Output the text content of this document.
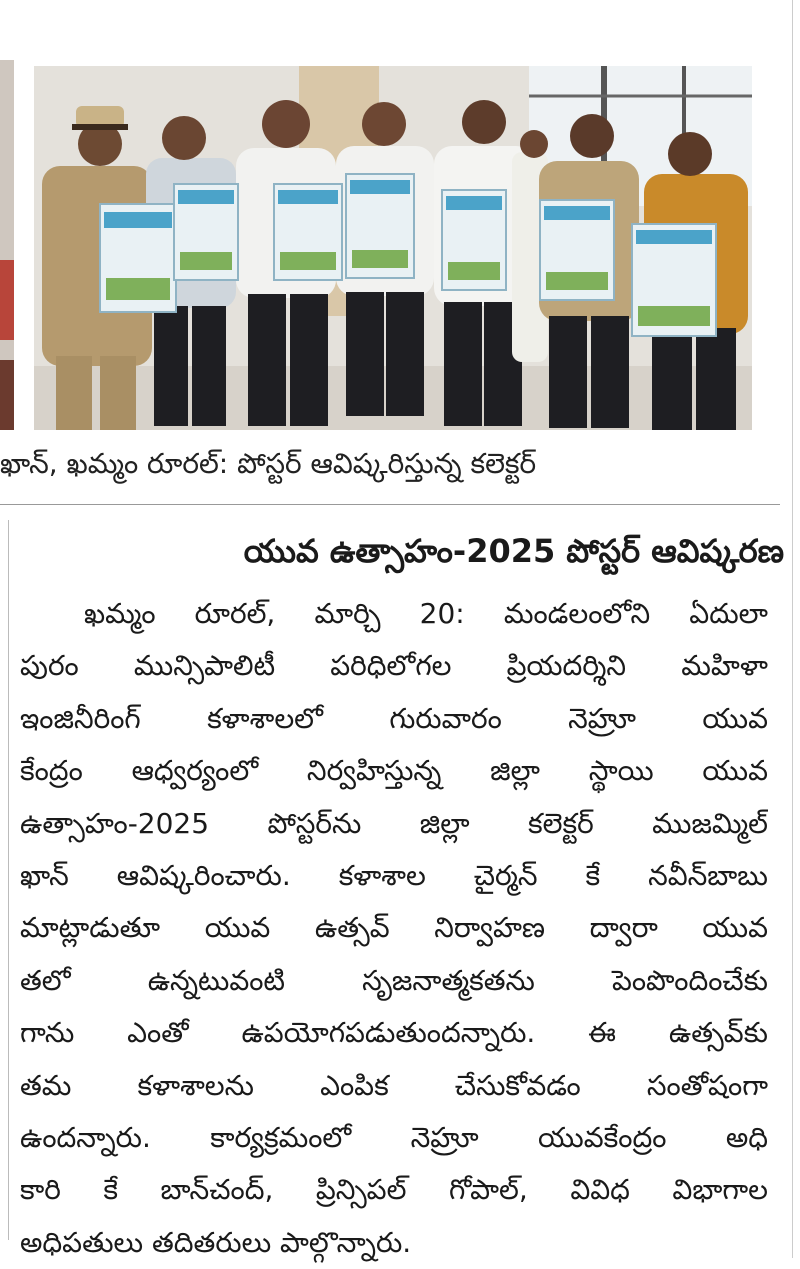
ఖాన్, ఖమ్మం రూరల్: పోస్టర్ ఆవిష్కరిస్తున్న కలెక్టర్
యువ ఉత్సాహం-2025 పోస్టర్ ఆవిష్కరణ
ఖమ్మం రూరల్, మార్చి 20: మండలంలోని ఏదులా
పురం మున్సిపాలిటీ పరిధిలోగల ప్రియదర్శిని మహిళా
ఇంజినీరింగ్ కళాశాలలో గురువారం నెహ్రూ యువ
కేంద్రం ఆధ్వర్యంలో నిర్వహిస్తున్న జిల్లా స్థాయి యువ
ఉత్సాహం-2025 పోస్టర్‌ను జిల్లా కలెక్టర్ ముజమ్మిల్
ఖాన్ ఆవిష్కరించారు. కళాశాల చైర్మన్ కే నవీన్‌బాబు
మాట్లాడుతూ యువ ఉత్సవ్ నిర్వాహణ ద్వారా యువ
తలో ఉన్నటువంటి సృజనాత్మకతను పెంపొందించేకు
గాను ఎంతో ఉపయోగపడుతుందన్నారు. ఈ ఉత్సవ్‌కు
తమ కళాశాలను ఎంపిక చేసుకోవడం సంతోషంగా
ఉందన్నారు. కార్యక్రమంలో నెహ్రూ యువకేంద్రం అధి
కారి కే బాన్‌చంద్, ప్రిన్సిపల్ గోపాల్, వివిధ విభాగాల
అధిపతులు తదితరులు పాల్గొన్నారు.
